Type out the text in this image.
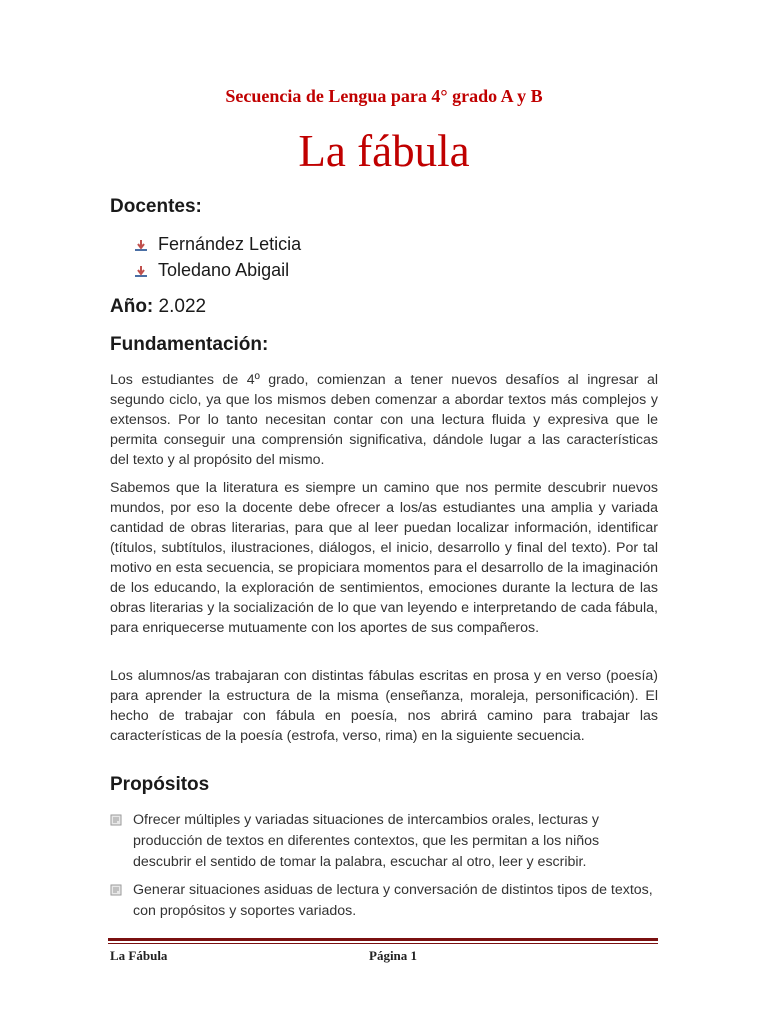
Secuencia de Lengua para 4° grado A y B
La fábula
Docentes:
Fernández Leticia
Toledano Abigail
Año: 2.022
Fundamentación:
Los estudiantes de 4º grado, comienzan a tener nuevos desafíos al ingresar al segundo ciclo, ya que los mismos deben comenzar a abordar textos más complejos y extensos. Por lo tanto necesitan contar con una lectura fluida y expresiva que le permita conseguir una comprensión significativa, dándole lugar a las características del texto y al propósito del mismo.
Sabemos que la literatura es siempre un camino que nos permite descubrir nuevos mundos, por eso la docente debe ofrecer a los/as estudiantes una amplia y variada cantidad de obras literarias, para que al leer puedan localizar información, identificar (títulos, subtítulos, ilustraciones, diálogos, el inicio, desarrollo y final del texto). Por tal motivo en esta secuencia, se propiciara momentos para el desarrollo de la imaginación de los educando, la exploración de sentimientos, emociones durante la lectura de las obras literarias y la socialización de lo que van leyendo e interpretando de cada fábula, para enriquecerse mutuamente con los aportes de sus compañeros.
Los alumnos/as trabajaran con distintas fábulas escritas en prosa y en verso (poesía) para aprender la estructura de la misma (enseñanza, moraleja, personificación). El hecho de trabajar con fábula en poesía, nos abrirá camino para trabajar las características de la poesía (estrofa, verso, rima) en la siguiente secuencia.
Propósitos
Ofrecer múltiples y variadas situaciones de intercambios orales, lecturas y producción de textos en diferentes contextos, que les permitan a los niños descubrir el sentido de tomar la palabra, escuchar al otro, leer y escribir.
Generar situaciones asiduas de lectura y conversación de distintos tipos de textos, con propósitos y soportes variados.
La Fábula	Página 1
